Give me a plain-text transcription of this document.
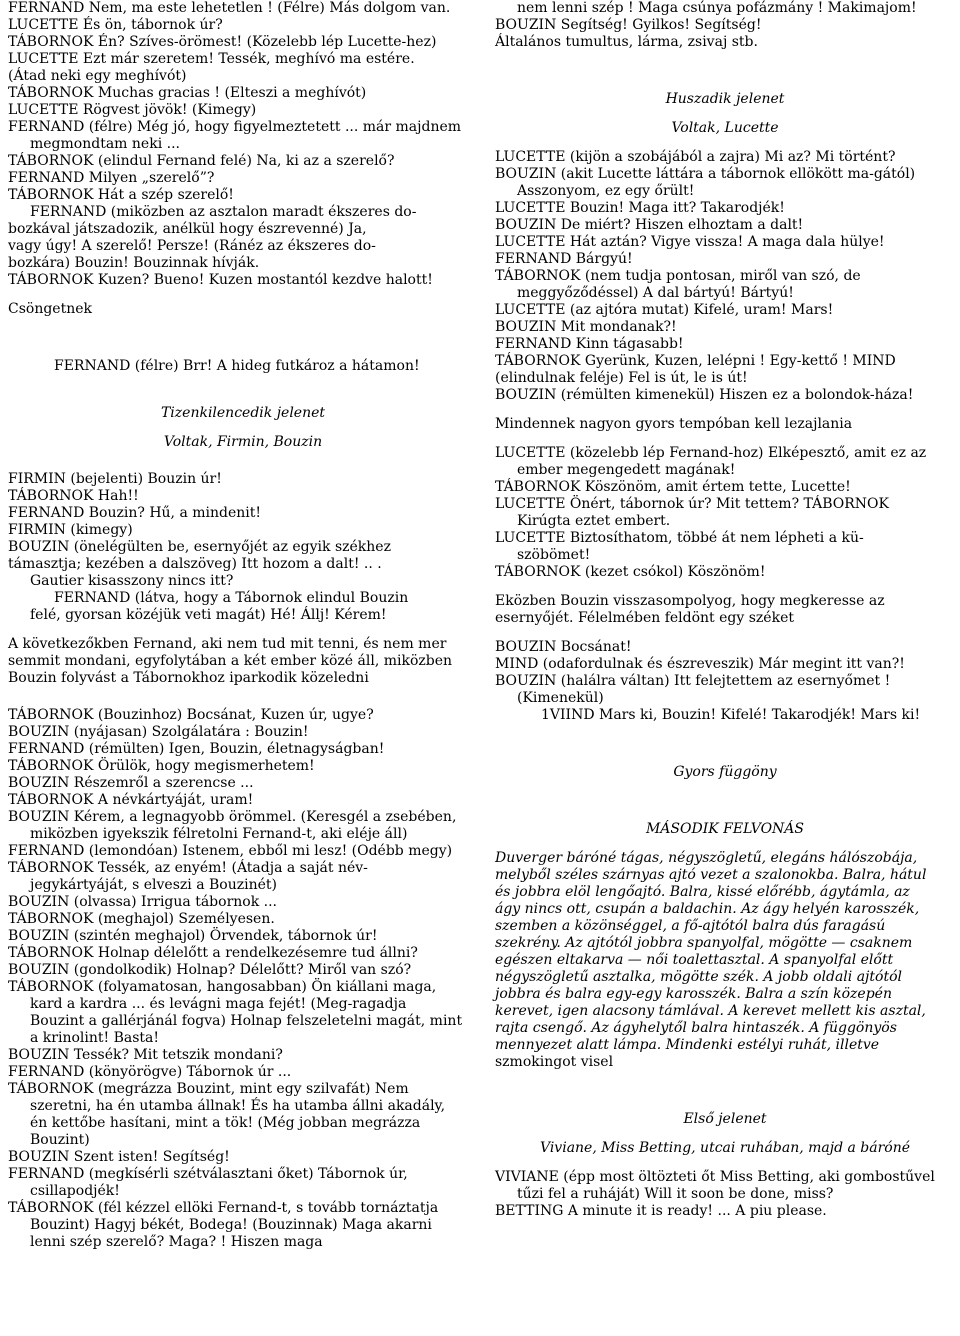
FERNAND Nem, ma este lehetetlen ! (Félre) Más dolgom van.
LUCETTE És ön, tábornok úr?
TÁBORNOK Én? Szíves-örömest! (Közelebb lép Lucette-hez)
LUCETTE Ezt már szeretem! Tessék, meghívó ma estére.
(Átad neki egy meghívót)
TÁBORNOK Muchas gracias ! (Elteszi a meghívót)
LUCETTE Rögvest jövök! (Kimegy)
FERNAND (félre) Még jó, hogy figyelmeztetett ... már majdnem
megmondtam neki ...
TÁBORNOK (elindul Fernand felé) Na, ki az a szerelő?
FERNAND Milyen „szerelő”?
TÁBORNOK Hát a szép szerelő!
FERNAND (miközben az asztalon maradt ékszeres do-
bozkával játszadozik, anélkül hogy észrevenné) Ja,
vagy úgy! A szerelő! Persze! (Ránéz az ékszeres do-
bozkára) Bouzin! Bouzinnak hívják.
TÁBORNOK Kuzen? Bueno! Kuzen mostantól kezdve halott!
Csöngetnek
FERNAND (félre) Brr! A hideg futkároz a hátamon!
Tizenkilencedik jelenet
Voltak, Firmin, Bouzin
FIRMIN (bejelenti) Bouzin úr!
TÁBORNOK Hah!!
FERNAND Bouzin? Hű, a mindenit!
FIRMIN (kimegy)
BOUZIN (önelégülten be, esernyőjét az egyik székhez
támasztja; kezében a dalszöveg) Itt hozom a dalt! .. .
Gautier kisasszony nincs itt?
FERNAND (látva, hogy a Tábornok elindul Bouzin
felé, gyorsan közéjük veti magát) Hé! Állj! Kérem!
A következőkben Fernand, aki nem tud mit tenni, és nem mer
semmit mondani, egyfolytában a két ember közé áll, miközben
Bouzin folyvást a Tábornokhoz iparkodik közeledni
TÁBORNOK (Bouzinhoz) Bocsánat, Kuzen úr, ugye?
BOUZIN (nyájasan) Szolgálatára : Bouzin!
FERNAND (rémülten) Igen, Bouzin, életnagyságban!
TÁBORNOK Örülök, hogy megismerhetem!
BOUZIN Részemről a szerencse ...
TÁBORNOK A névkártyáját, uram!
BOUZIN Kérem, a legnagyobb örömmel. (Keresgél a zsebében,
miközben igyekszik félretolni Fernand-t, aki eléje áll)
FERNAND (lemondóan) Istenem, ebből mi lesz! (Odébb megy)
TÁBORNOK Tessék, az enyém! (Átadja a saját név-
jegykártyáját, s elveszi a Bouzinét)
BOUZIN (olvassa) Irrigua tábornok ...
TÁBORNOK (meghajol) Személyesen.
BOUZIN (szintén meghajol) Örvendek, tábornok úr!
TÁBORNOK Holnap délelőtt a rendelkezésemre tud állni?
BOUZIN (gondolkodik) Holnap? Délelőtt? Miről van szó?
TÁBORNOK (folyamatosan, hangosabban) Ön kiállani maga,
kard a kardra ... és levágni maga fejét! (Meg-ragadja
Bouzint a gallérjánál fogva) Holnap felszeletelni magát, mint
a krinolint! Basta!
BOUZIN Tessék? Mit tetszik mondani?
FERNAND (könyörögve) Tábornok úr ...
TÁBORNOK (megrázza Bouzint, mint egy szilvafát) Nem
szeretni, ha én utamba állnak! És ha utamba állni akadály,
én kettőbe hasítani, mint a tök! (Még jobban megrázza
Bouzint)
BOUZIN Szent isten! Segítség!
FERNAND (megkísérli szétválasztani őket) Tábornok úr,
csillapodjék!
TÁBORNOK (fél kézzel ellöki Fernand-t, s tovább tornáztatja
Bouzint) Hagyj békét, Bodega! (Bouzinnak) Maga akarni
lenni szép szerelő? Maga? ! Hiszen maga
nem lenni szép ! Maga csúnya pofázmány ! Makimajom!
BOUZIN Segítség! Gyilkos! Segítség!
Általános tumultus, lárma, zsivaj stb.
Huszadik jelenet
Voltak, Lucette
LUCETTE (kijön a szobájából a zajra) Mi az? Mi történt?
BOUZIN (akit Lucette láttára a tábornok ellökött ma-gától)
Asszonyom, ez egy őrült!
LUCETTE Bouzin! Maga itt? Takarodjék!
BOUZIN De miért? Hiszen elhoztam a dalt!
LUCETTE Hát aztán? Vigye vissza! A maga dala hülye!
FERNAND Bárgyú!
TÁBORNOK (nem tudja pontosan, miről van szó, de
meggyőződéssel) A dal bártyú! Bártyú!
LUCETTE (az ajtóra mutat) Kifelé, uram! Mars!
BOUZIN Mit mondanak?!
FERNAND Kinn tágasabb!
TÁBORNOK Gyerünk, Kuzen, lelépni ! Egy-kettő ! MIND
(elindulnak feléje) Fel is út, le is út!
BOUZIN (rémülten kimenekül) Hiszen ez a bolondok-háza!
Mindennek nagyon gyors tempóban kell lezajlania
LUCETTE (közelebb lép Fernand-hoz) Elképesztő, amit ez az
ember megengedett magának!
TÁBORNOK Köszönöm, amit értem tette, Lucette!
LUCETTE Önért, tábornok úr? Mit tettem? TÁBORNOK
Kirúgta eztet embert.
LUCETTE Biztosíthatom, többé át nem lépheti a kü-
szöbömet!
TÁBORNOK (kezet csókol) Köszönöm!
Eközben Bouzin visszasompolyog, hogy megkeresse az
esernyőjét. Félelmében feldönt egy széket
BOUZIN Bocsánat!
MIND (odafordulnak és észreveszik) Már megint itt van?!
BOUZIN (halálra váltan) Itt felejtettem az esernyőmet !
(Kimenekül)
1VIIND Mars ki, Bouzin! Kifelé! Takarodjék! Mars ki!
Gyors függöny
MÁSODIK FELVONÁS
Duverger báróné tágas, négyszögletű, elegáns hálószobája,
melyből széles szárnyas ajtó vezet a szalonokba. Balra, hátul
és jobbra elöl lengőajtó. Balra, kissé előrébb, ágytámla, az
ágy nincs ott, csupán a baldachin. Az ágy helyén karosszék,
szemben a közönséggel, a fő-ajtótól balra dús faragású
szekrény. Az ajtótól jobbra spanyolfal, mögötte — csaknem
egészen eltakarva — női toalettasztal. A spanyolfal előtt
négyszögletű asztalka, mögötte szék. A jobb oldali ajtótól
jobbra és balra egy-egy karosszék. Balra a szín közepén
kerevet, igen alacsony támlával. A kerevet mellett kis asztal,
rajta csengő. Az ágyhelytől balra hintaszék. A függönyös
mennyezet alatt lámpa. Mindenki estélyi ruhát, illetve
szmokingot visel
Első jelenet
Viviane, Miss Betting, utcai ruhában, majd a báróné
VIVIANE (épp most öltözteti őt Miss Betting, aki gombostűvel
tűzi fel a ruháját) Will it soon be done, miss?
BETTING A minute it is ready! ... A piu please.
